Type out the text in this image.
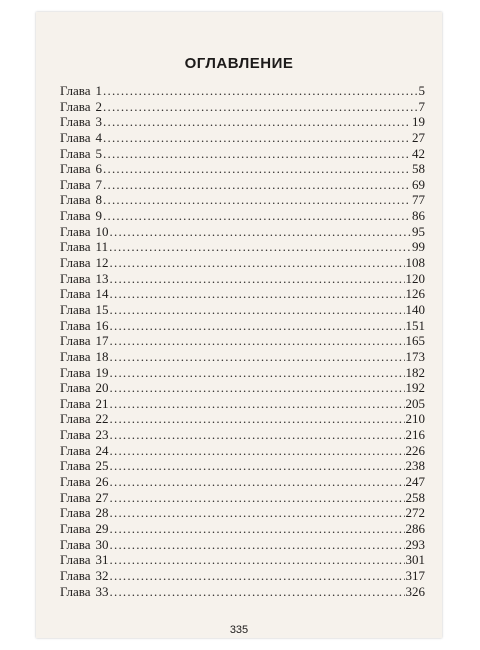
ОГЛАВЛЕНИЕ
Глава 1 .....	5
Глава 2 .....	7
Глава 3 .....	19
Глава 4 .....	27
Глава 5 .....	42
Глава 6 .....	58
Глава 7 .....	69
Глава 8 .....	77
Глава 9 .....	86
Глава 10 .....	95
Глава 11 .....	99
Глава 12 .....	108
Глава 13 .....	120
Глава 14 .....	126
Глава 15 .....	140
Глава 16 .....	151
Глава 17 .....	165
Глава 18 .....	173
Глава 19 .....	182
Глава 20 .....	192
Глава 21 .....	205
Глава 22 .....	210
Глава 23 .....	216
Глава 24 .....	226
Глава 25 .....	238
Глава 26 .....	247
Глава 27 .....	258
Глава 28 .....	272
Глава 29 .....	286
Глава 30 .....	293
Глава 31 .....	301
Глава 32 .....	317
Глава 33 .....	326
335
